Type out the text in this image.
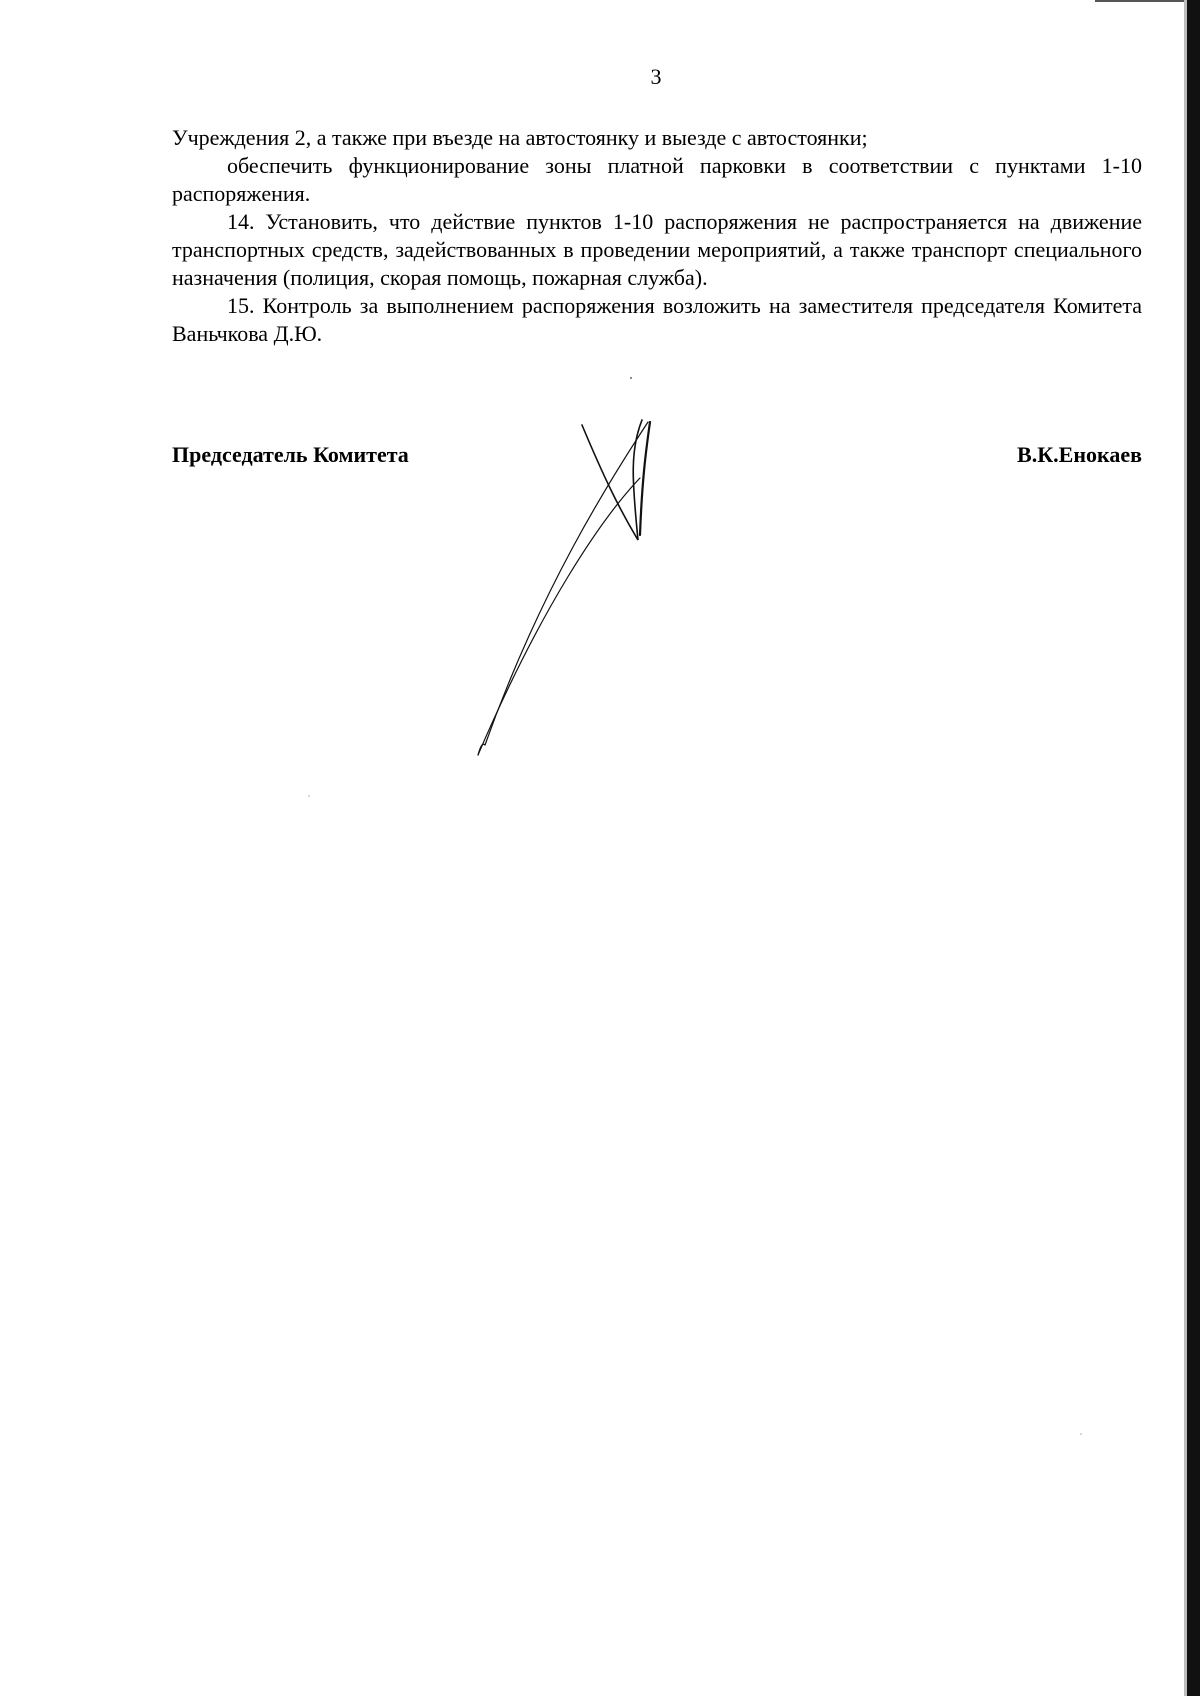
3

Учреждения 2, а также при въезде на автостоянку и выезде с автостоянки;

обеспечить функционирование зоны платной парковки в соответствии с пунктами 1-10 распоряжения.

14. Установить, что действие пунктов 1-10 распоряжения не распространяется на движение транспортных средств, задействованных в проведении мероприятий, а также транспорт специального назначения (полиция, скорая помощь, пожарная служба).

15. Контроль за выполнением распоряжения возложить на заместителя председателя Комитета Ваньчкова Д.Ю.

Председатель Комитета	В.К.Енокаев
